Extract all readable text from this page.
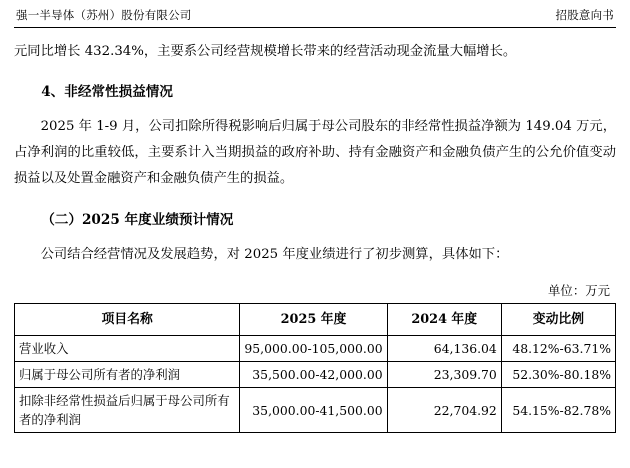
强一半导体（苏州）股份有限公司	招股意向书

元同比增长 432.34%，主要系公司经营规模增长带来的经营活动现金流量大幅增长。

4、非经常性损益情况

2025 年 1-9 月，公司扣除所得税影响后归属于母公司股东的非经常性损益净额为 149.04 万元，占净利润的比重较低，主要系计入当期损益的政府补助、持有金融资产和金融负债产生的公允价值变动损益以及处置金融资产和金融负债产生的损益。

（二）2025 年度业绩预计情况

公司结合经营情况及发展趋势，对 2025 年度业绩进行了初步测算，具体如下：

单位：万元
项目名称	2025 年度	2024 年度	变动比例
营业收入	95,000.00-105,000.00	64,136.04	48.12%-63.71%
归属于母公司所有者的净利润	35,500.00-42,000.00	23,309.70	52.30%-80.18%
扣除非经常性损益后归属于母公司所有者的净利润	35,000.00-41,500.00	22,704.92	54.15%-82.78%
